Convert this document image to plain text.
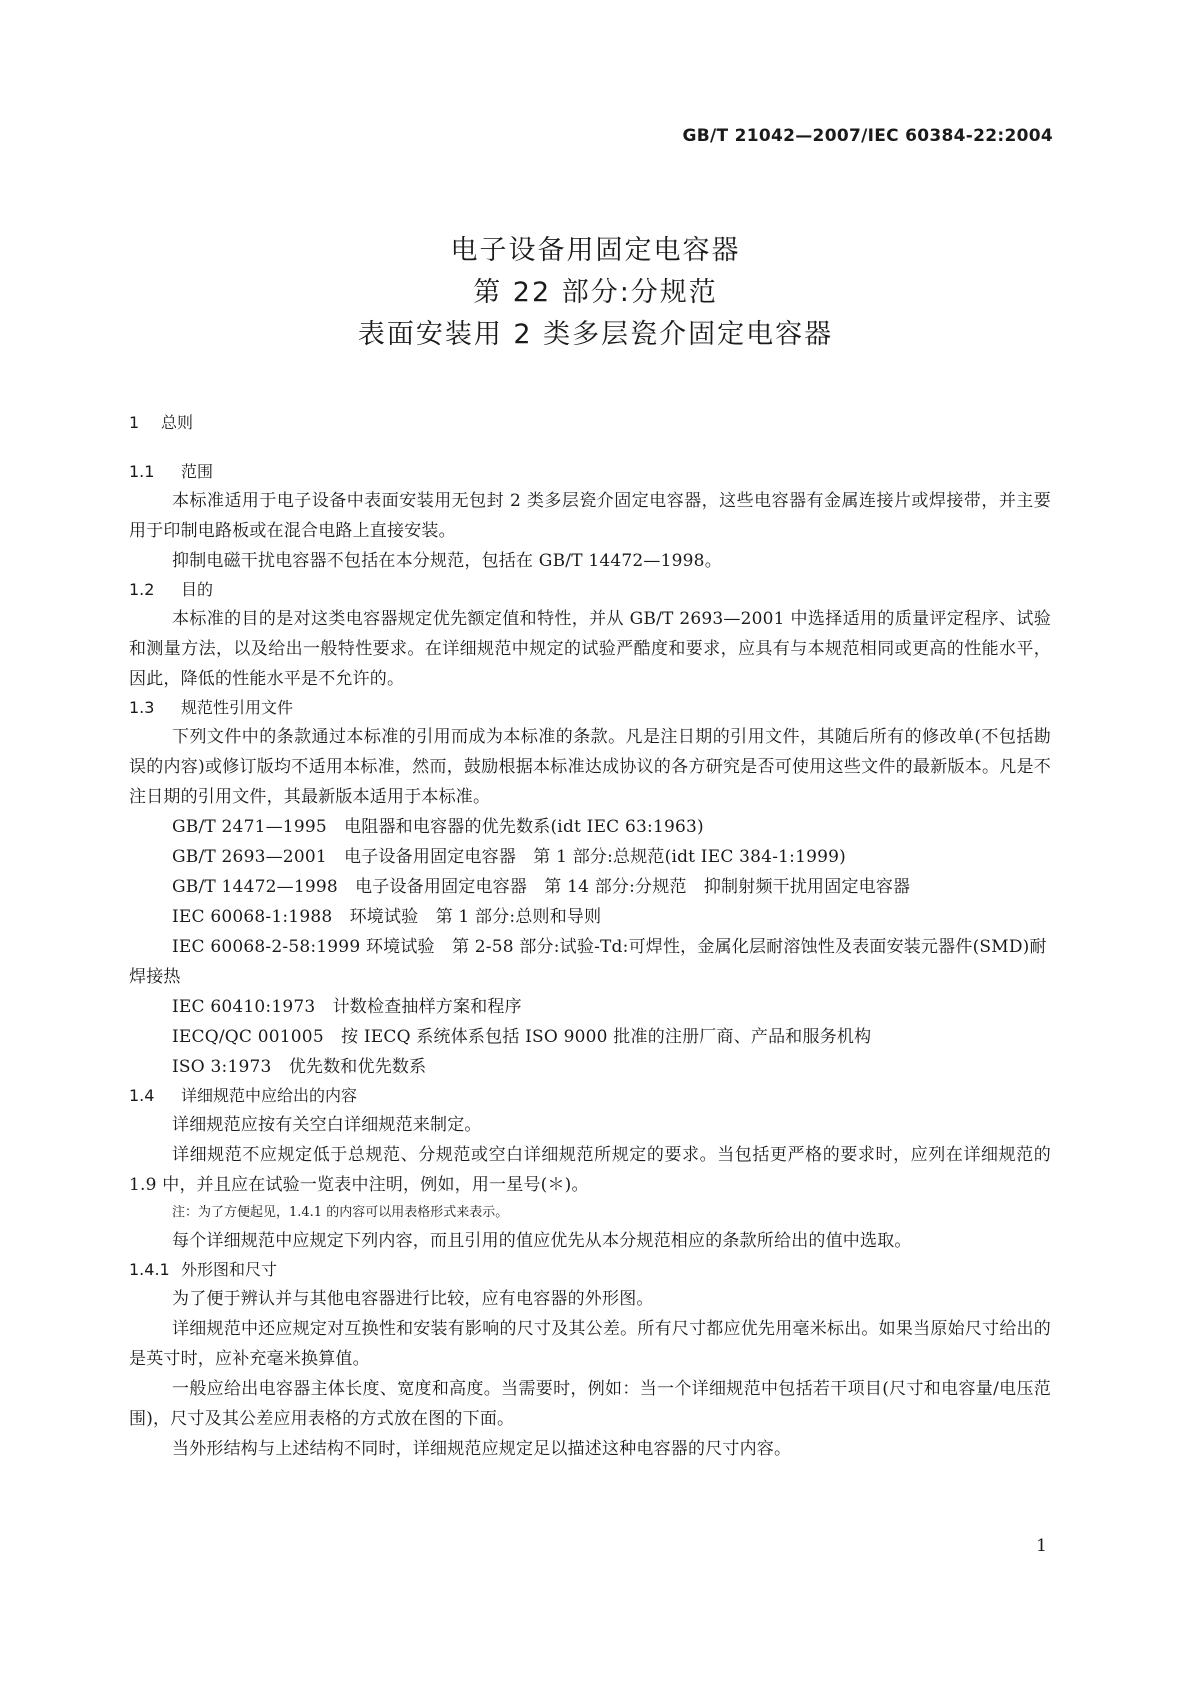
GB/T 21042—2007/IEC 60384-22:2004
电子设备用固定电容器
第 22 部分:分规范
表面安装用 2 类多层瓷介固定电容器
1 总则
1.1 范围
本标准适用于电子设备中表面安装用无包封 2 类多层瓷介固定电容器，这些电容器有金属连接片或焊接带，并主要用于印制电路板或在混合电路上直接安装。
抑制电磁干扰电容器不包括在本分规范，包括在 GB/T 14472—1998。
1.2 目的
本标准的目的是对这类电容器规定优先额定值和特性，并从 GB/T 2693—2001 中选择适用的质量评定程序、试验和测量方法，以及给出一般特性要求。在详细规范中规定的试验严酷度和要求，应具有与本规范相同或更高的性能水平，因此，降低的性能水平是不允许的。
1.3 规范性引用文件
下列文件中的条款通过本标准的引用而成为本标准的条款。凡是注日期的引用文件，其随后所有的修改单(不包括勘误的内容)或修订版均不适用本标准，然而，鼓励根据本标准达成协议的各方研究是否可使用这些文件的最新版本。凡是不注日期的引用文件，其最新版本适用于本标准。
GB/T 2471—1995　电阻器和电容器的优先数系(idt IEC 63:1963)
GB/T 2693—2001　电子设备用固定电容器　第 1 部分:总规范(idt IEC 384-1:1999)
GB/T 14472—1998　电子设备用固定电容器　第 14 部分:分规范　抑制射频干扰用固定电容器
IEC 60068-1:1988　环境试验　第 1 部分:总则和导则
IEC 60068-2-58:1999 环境试验　第 2-58 部分:试验-Td:可焊性，金属化层耐溶蚀性及表面安装元器件(SMD)耐焊接热
IEC 60410:1973　计数检查抽样方案和程序
IECQ/QC 001005　按 IECQ 系统体系包括 ISO 9000 批准的注册厂商、产品和服务机构
ISO 3:1973　优先数和优先数系
1.4 详细规范中应给出的内容
详细规范应按有关空白详细规范来制定。
详细规范不应规定低于总规范、分规范或空白详细规范所规定的要求。当包括更严格的要求时，应列在详细规范的 1.9 中，并且应在试验一览表中注明，例如，用一星号(＊)。
注：为了方便起见，1.4.1 的内容可以用表格形式来表示。
每个详细规范中应规定下列内容，而且引用的值应优先从本分规范相应的条款所给出的值中选取。
1.4.1 外形图和尺寸
为了便于辨认并与其他电容器进行比较，应有电容器的外形图。
详细规范中还应规定对互换性和安装有影响的尺寸及其公差。所有尺寸都应优先用毫米标出。如果当原始尺寸给出的是英寸时，应补充毫米换算值。
一般应给出电容器主体长度、宽度和高度。当需要时，例如：当一个详细规范中包括若干项目(尺寸和电容量/电压范围)，尺寸及其公差应用表格的方式放在图的下面。
当外形结构与上述结构不同时，详细规范应规定足以描述这种电容器的尺寸内容。
1
